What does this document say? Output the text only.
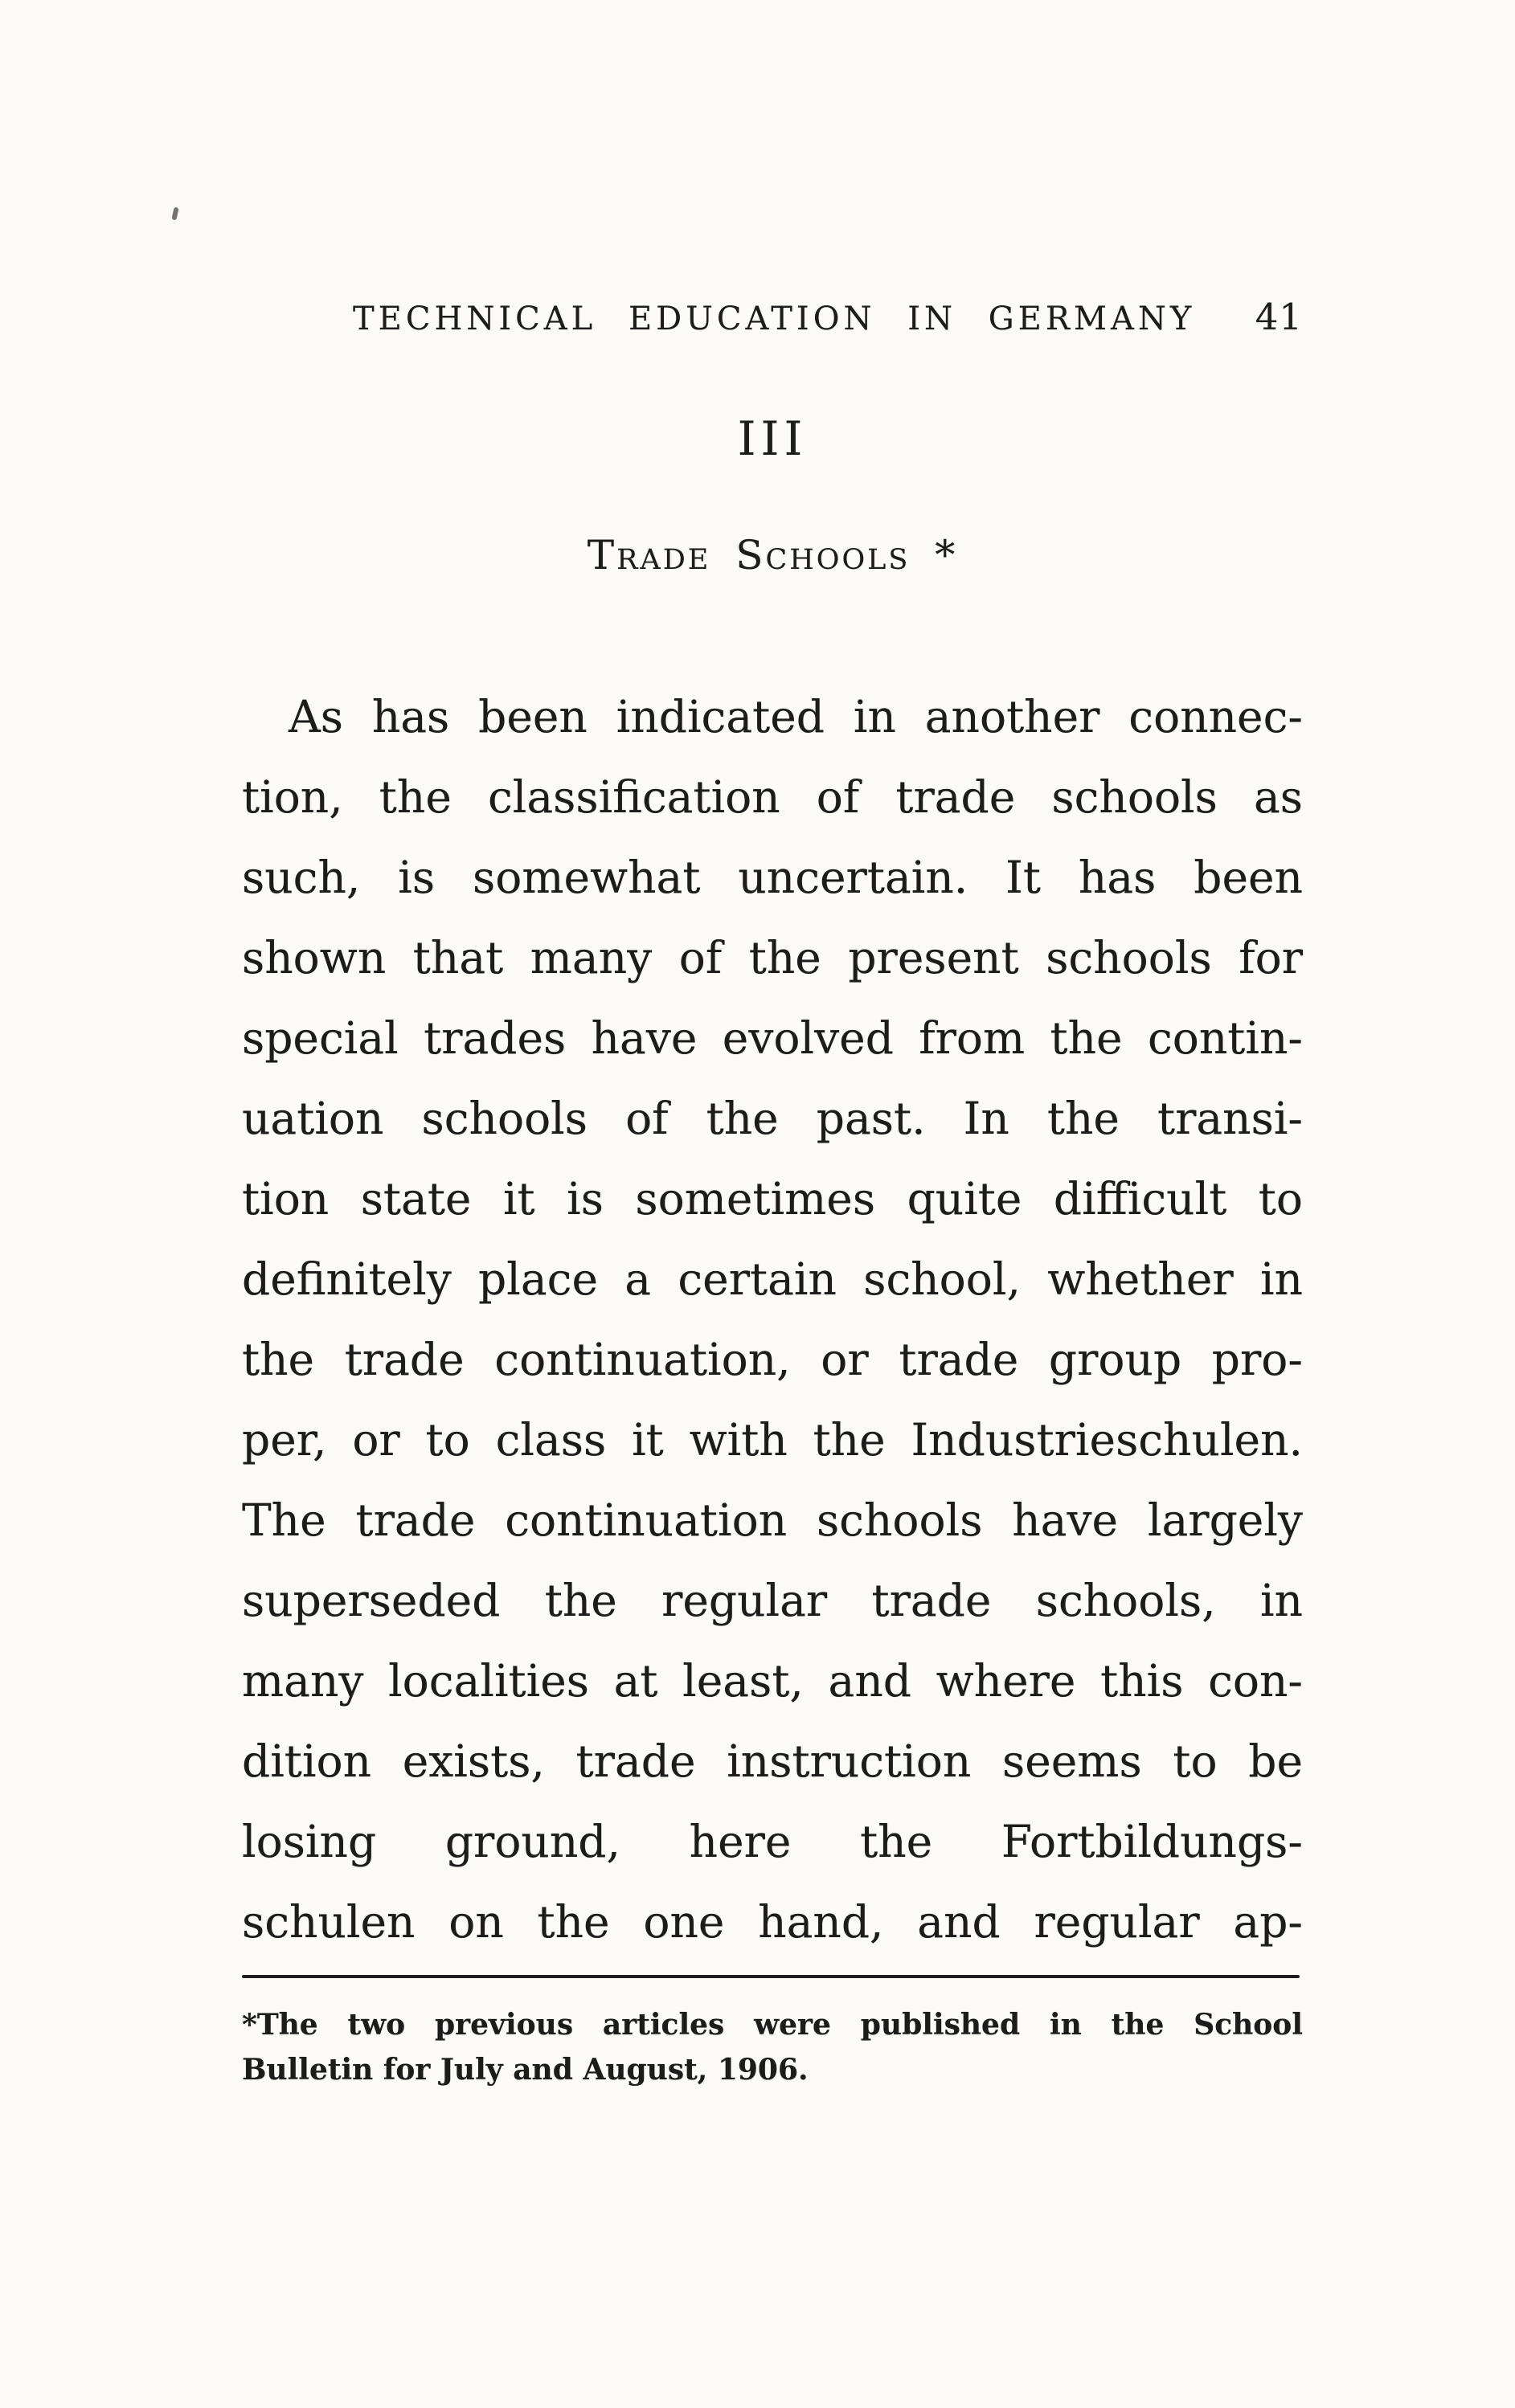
TECHNICAL EDUCATION IN GERMANY 41
III
Trade Schools *
As has been indicated in another connec-
tion, the classification of trade schools as
such, is somewhat uncertain. It has been
shown that many of the present schools for
special trades have evolved from the contin-
uation schools of the past. In the transi-
tion state it is sometimes quite difficult to
definitely place a certain school, whether in
the trade continuation, or trade group pro-
per, or to class it with the Industrieschulen.
The trade continuation schools have largely
superseded the regular trade schools, in
many localities at least, and where this con-
dition exists, trade instruction seems to be
losing ground, here the Fortbildungs-
schulen on the one hand, and regular ap-
*The two previous articles were published in the School
Bulletin for July and August, 1906.
